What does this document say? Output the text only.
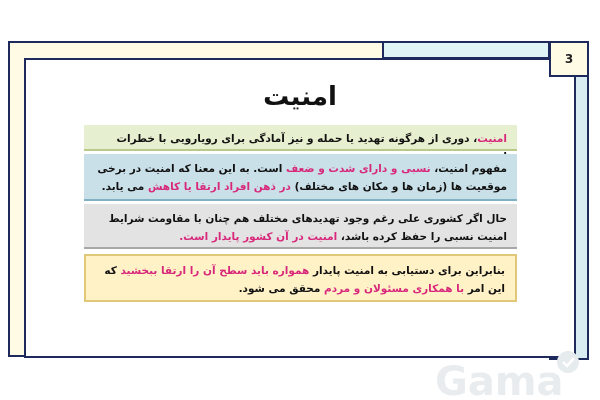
3
امنیت
امنیت، دوری از هرگونه تهدید یا حمله و نیز آمادگی برای رویارویی با خطرات
مفهوم امنیت، نسبی و دارای شدت و ضعف است. به این معنا که امنیت در برخی موقعیت ها (زمان ها و مکان های مختلف) در ذهن افراد ارتقا یا کاهش می یابد.
حال اگر کشوری علی رغم وجود تهدیدهای مختلف هم چنان با مقاومت شرایط امنیت نسبی را حفظ کرده باشد، امنیت در آن کشور پایدار است.
بنابراین برای دستیابی به امنیت پایدار همواره باید سطح آن را ارتقا ببخشید که این امر با همکاری مسئولان و مردم محقق می شود.
Gama
